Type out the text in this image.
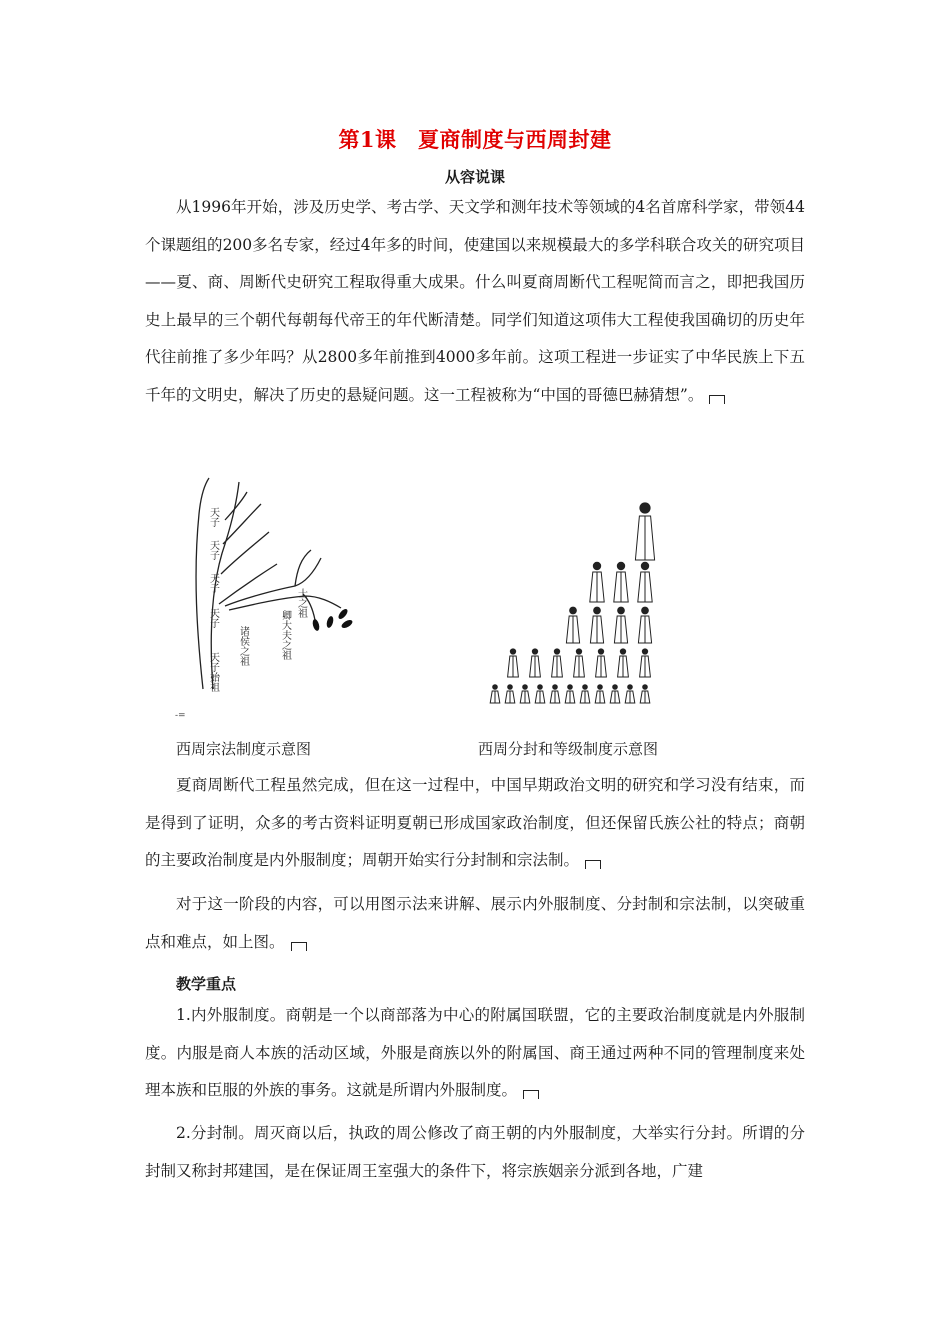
第1课　夏商制度与西周封建
从容说课

从1996年开始，涉及历史学、考古学、天文学和测年技术等领域的4名首席科学家，带领44个课题组的200多名专家，经过4年多的时间，使建国以来规模最大的多学科联合攻关的研究项目——夏、商、周断代史研究工程取得重大成果。什么叫夏商周断代工程呢简而言之，即把我国历史上最早的三个朝代每朝每代帝王的年代断清楚。同学们知道这项伟大工程使我国确切的历史年代往前推了多少年吗？从2800多年前推到4000多年前。这项工程进一步证实了中华民族上下五千年的文明史，解决了历史的悬疑问题。这一工程被称为“中国的哥德巴赫猜想”。

天子
天子
天子
天子
天子始祖
诸侯之祖	卿大夫之祖
士之祖
-=
西周宗法制度示意图	西周分封和等级制度示意图

夏商周断代工程虽然完成，但在这一过程中，中国早期政治文明的研究和学习没有结束，而是得到了证明，众多的考古资料证明夏朝已形成国家政治制度，但还保留氏族公社的特点；商朝的主要政治制度是内外服制度；周朝开始实行分封制和宗法制。

对于这一阶段的内容，可以用图示法来讲解、展示内外服制度、分封制和宗法制，以突破重点和难点，如上图。

教学重点

1.内外服制度。商朝是一个以商部落为中心的附属国联盟，它的主要政治制度就是内外服制度。内服是商人本族的活动区域，外服是商族以外的附属国、商王通过两种不同的管理制度来处理本族和臣服的外族的事务。这就是所谓内外服制度。

2.分封制。周灭商以后，执政的周公修改了商王朝的内外服制度，大举实行分封。所谓的分封制又称封邦建国，是在保证周王室强大的条件下，将宗族姻亲分派到各地，广建
